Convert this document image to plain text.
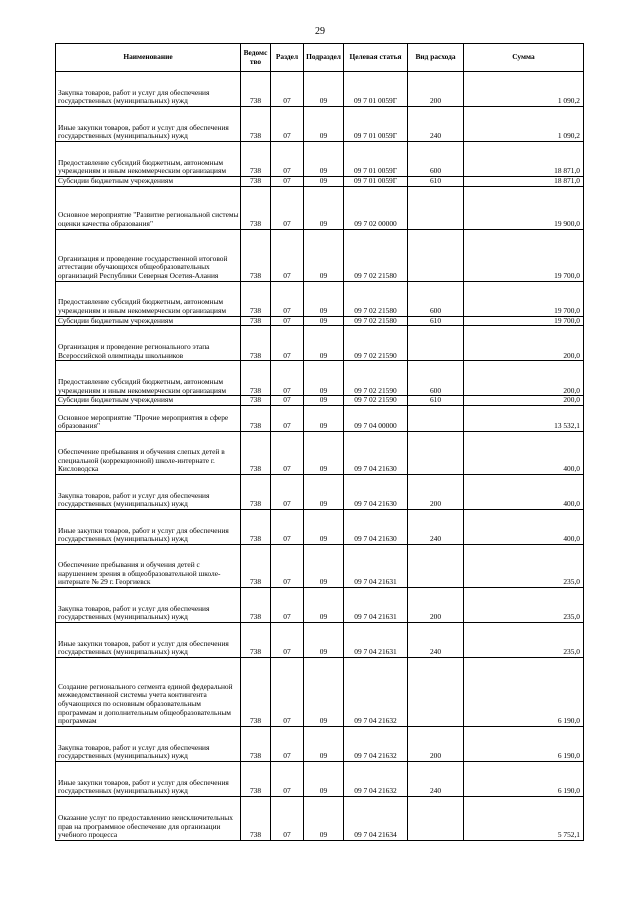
29
Наименование	Ведомс тво	Раздел	Подраздел	Целевая статья	Вид расхода	Сумма
Закупка товаров, работ и услуг для обеспечения государственных (муниципальных) нужд	738	07	09	09 7 01 0059Г	200	1 090,2
Иные закупки товаров, работ и услуг для обеспечения государственных (муниципальных) нужд	738	07	09	09 7 01 0059Г	240	1 090,2
Предоставление субсидий бюджетным, автономным учреждениям и иным некоммерческим организациям	738	07	09	09 7 01 0059Г	600	18 871,0
Субсидии бюджетным учреждениям	738	07	09	09 7 01 0059Г	610	18 871,0
Основное мероприятие "Развитие региональной системы оценки качества образования"	738	07	09	09 7 02 00000		19 900,0
Организация и проведение государственной итоговой аттестации обучающихся общеобразовательных организаций Республики Северная Осетия-Алания	738	07	09	09 7 02 21580		19 700,0
Предоставление субсидий бюджетным, автономным учреждениям и иным некоммерческим организациям	738	07	09	09 7 02 21580	600	19 700,0
Субсидии бюджетным учреждениям	738	07	09	09 7 02 21580	610	19 700,0
Организация и проведение регионального этапа Всероссийской олимпиады школьников	738	07	09	09 7 02 21590		200,0
Предоставление субсидий бюджетным, автономным учреждениям и иным некоммерческим организациям	738	07	09	09 7 02 21590	600	200,0
Субсидии бюджетным учреждениям	738	07	09	09 7 02 21590	610	200,0
Основное мероприятие "Прочие мероприятия в сфере образования"	738	07	09	09 7 04 00000		13 532,1
Обеспечение пребывания и обучения слепых детей в специальной (коррекционной) школе-интернате г. Кисловодска	738	07	09	09 7 04 21630		400,0
Закупка товаров, работ и услуг для обеспечения государственных (муниципальных) нужд	738	07	09	09 7 04 21630	200	400,0
Иные закупки товаров, работ и услуг для обеспечения государственных (муниципальных) нужд	738	07	09	09 7 04 21630	240	400,0
Обеспечение пребывания и обучения детей с нарушением зрения в общеобразовательной школе-интернате № 29 г. Георгиевск	738	07	09	09 7 04 21631		235,0
Закупка товаров, работ и услуг для обеспечения государственных (муниципальных) нужд	738	07	09	09 7 04 21631	200	235,0
Иные закупки товаров, работ и услуг для обеспечения государственных (муниципальных) нужд	738	07	09	09 7 04 21631	240	235,0
Создание регионального сегмента единой федеральной межведомственной системы учета контингента обучающихся по основным образовательным программам и дополнительным общеобразовательным программам	738	07	09	09 7 04 21632		6 190,0
Закупка товаров, работ и услуг для обеспечения государственных (муниципальных) нужд	738	07	09	09 7 04 21632	200	6 190,0
Иные закупки товаров, работ и услуг для обеспечения государственных (муниципальных) нужд	738	07	09	09 7 04 21632	240	6 190,0
Оказание услуг по предоставлению неисключительных прав на программное обеспечение для организации учебного процесса	738	07	09	09 7 04 21634		5 752,1
